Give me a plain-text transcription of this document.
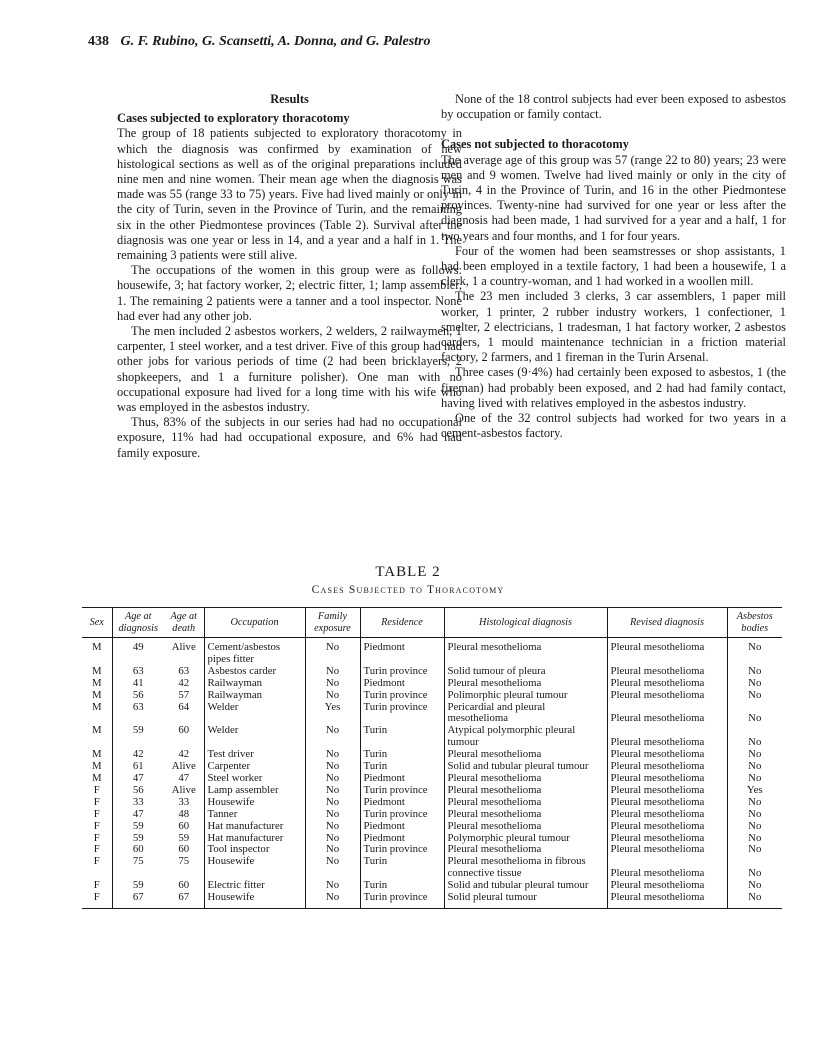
438 G. F. Rubino, G. Scansetti, A. Donna, and G. Palestro
Results

Cases subjected to exploratory thoracotomy

The group of 18 patients subjected to exploratory thoracotomy in which the diagnosis was confirmed by examination of new histological sections as well as of the original preparations included nine men and nine women. Their mean age when the diagnosis was made was 55 (range 33 to 75) years. Five had lived mainly or only in the city of Turin, seven in the Province of Turin, and the remaining six in the other Piedmontese provinces (Table 2). Survival after the diagnosis was one year or less in 14, and a year and a half in 1. The remaining 3 patients were still alive.

The occupations of the women in this group were as follows: housewife, 3; hat factory worker, 2; electric fitter, 1; lamp assembler, 1. The remaining 2 patients were a tanner and a tool inspector. None had ever had any other job.

The men included 2 asbestos workers, 2 welders, 2 railwaymen, 1 carpenter, 1 steel worker, and a test driver. Five of this group had had other jobs for various periods of time (2 had been bricklayers, 2 shopkeepers, and 1 a furniture polisher). One man with no occupational exposure had lived for a long time with his wife who was employed in the asbestos industry.

Thus, 83% of the subjects in our series had had no occupational exposure, 11% had had occupational exposure, and 6% had had family exposure.

None of the 18 control subjects had ever been exposed to asbestos by occupation or family contact.

Cases not subjected to thoracotomy

The average age of this group was 57 (range 22 to 80) years; 23 were men and 9 women. Twelve had lived mainly or only in the city of Turin, 4 in the Province of Turin, and 16 in the other Piedmontese provinces. Twenty-nine had survived for one year or less after the diagnosis had been made, 1 had survived for a year and a half, 1 for two years and four months, and 1 for four years.

Four of the women had been seamstresses or shop assistants, 1 had been employed in a textile factory, 1 had been a housewife, 1 a clerk, 1 a country-woman, and 1 had worked in a woollen mill.

The 23 men included 3 clerks, 3 car assemblers, 1 paper mill worker, 1 printer, 2 rubber industry workers, 1 confectioner, 1 smelter, 2 electricians, 1 tradesman, 1 hat factory worker, 2 asbestos carders, 1 mould maintenance technician in a friction material factory, 2 farmers, and 1 fireman in the Turin Arsenal.

Three cases (9·4%) had certainly been exposed to asbestos, 1 (the fireman) had probably been exposed, and 2 had had family contact, having lived with relatives employed in the asbestos industry.

One of the 32 control subjects had worked for two years in a cement-asbestos factory.

TABLE 2
Cases Subjected to Thoracotomy
Sex	Age at diagnosis	Age at death	Occupation	Family exposure	Residence	Histological diagnosis	Revised diagnosis	Asbestos bodies
M	49	Alive	Cement/asbestos pipes fitter	No	Piedmont	Pleural mesothelioma	Pleural mesothelioma	No
M	63	63	Asbestos carder	No	Turin province	Solid tumour of pleura	Pleural mesothelioma	No
M	41	42	Railwayman	No	Piedmont	Pleural mesothelioma	Pleural mesothelioma	No
M	56	57	Railwayman	No	Turin province	Polimorphic pleural tumour	Pleural mesothelioma	No
M	63	64	Welder	Yes	Turin province	Pericardial and pleural mesothelioma	Pleural mesothelioma	No
M	59	60	Welder	No	Turin	Atypical polymorphic pleural tumour	Pleural mesothelioma	No
M	42	42	Test driver	No	Turin	Pleural mesothelioma	Pleural mesothelioma	No
M	61	Alive	Carpenter	No	Turin	Solid and tubular pleural tumour	Pleural mesothelioma	No
M	47	47	Steel worker	No	Piedmont	Pleural mesothelioma	Pleural mesothelioma	No
F	56	Alive	Lamp assembler	No	Turin province	Pleural mesothelioma	Pleural mesothelioma	Yes
F	33	33	Housewife	No	Piedmont	Pleural mesothelioma	Pleural mesothelioma	No
F	47	48	Tanner	No	Turin province	Pleural mesothelioma	Pleural mesothelioma	No
F	59	60	Hat manufacturer	No	Piedmont	Pleural mesothelioma	Pleural mesothelioma	No
F	59	59	Hat manufacturer	No	Piedmont	Polymorphic pleural tumour	Pleural mesothelioma	No
F	60	60	Tool inspector	No	Turin province	Pleural mesothelioma	Pleural mesothelioma	No
F	75	75	Housewife	No	Turin	Pleural mesothelioma in fibrous connective tissue	Pleural mesothelioma	No
F	59	60	Electric fitter	No	Turin	Solid and tubular pleural tumour	Pleural mesothelioma	No
F	67	67	Housewife	No	Turin province	Solid pleural tumour	Pleural mesothelioma	No
